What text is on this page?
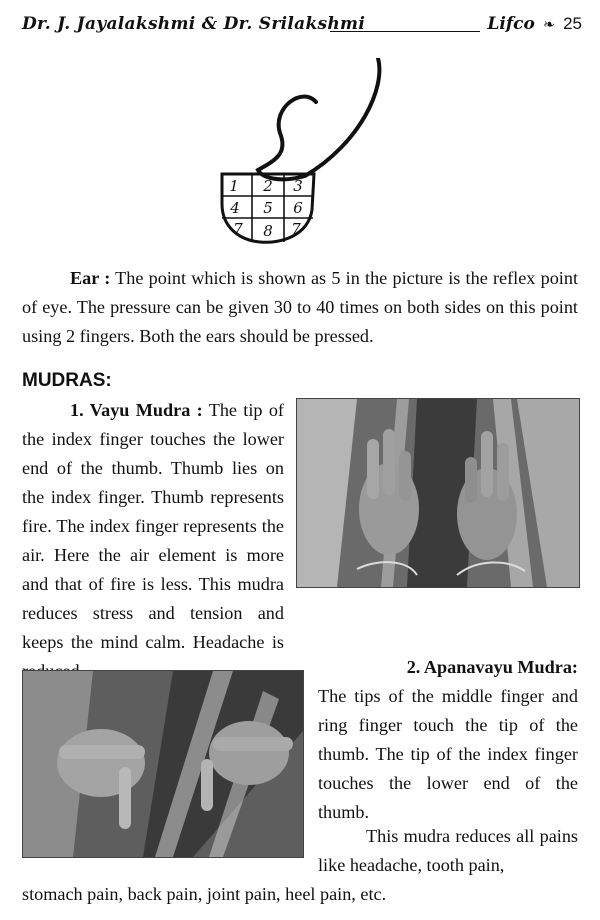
Dr. J. Jayalakshmi & Dr. Srilakshmi	Lifco ❧ 25
1 2 3
4 5 6
7 8 7

Ear : The point which is shown as 5 in the picture is the reflex point of eye. The pressure can be given 30 to 40 times on both sides on this point using 2 fingers. Both the ears should be pressed.

MUDRAS:

1. Vayu Mudra : The tip of the index finger touches the lower end of the thumb. Thumb lies on the index finger. Thumb represents fire. The index finger represents the air. Here the air element is more and that of fire is less. This mudra reduces stress and tension and keeps the mind calm. Headache is

2. Apanavayu Mudra:

The tips of the middle finger and ring finger touch the tip of the thumb. The tip of the index finger touches the lower end of the thumb.

This mudra reduces all pains like headache, tooth pain,

stomach pain, back pain, joint pain, heel pain, etc.
